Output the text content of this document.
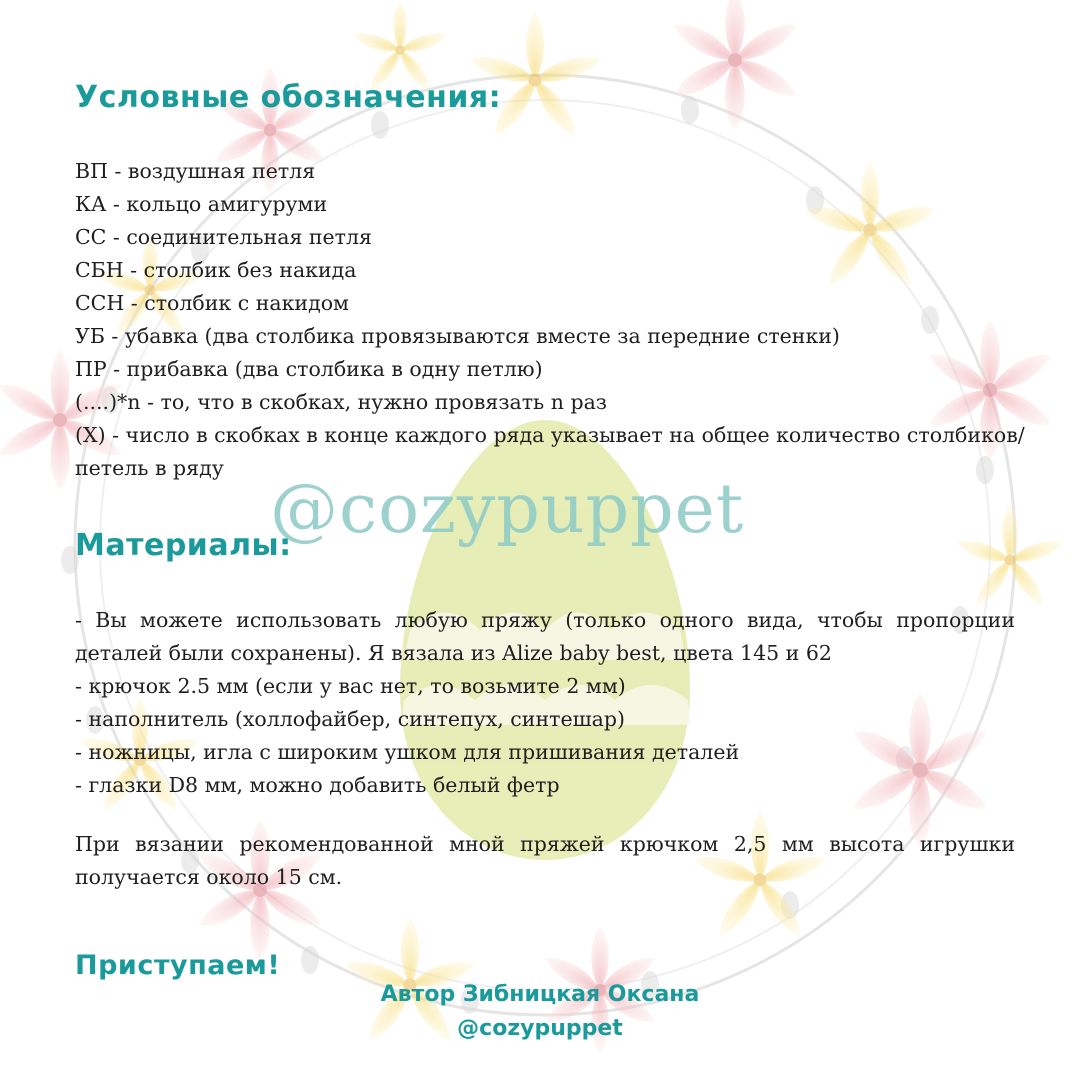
Условные обозначения:
ВП - воздушная петля
КА - кольцо амигуруми
СС - соединительная петля
СБН - столбик без накида
ССН - столбик с накидом
УБ - убавка (два столбика провязываются вместе за передние стенки)
ПР - прибавка (два столбика в одну петлю)
(....)*n - то, что в скобках, нужно провязать n раз
(X) - число в скобках в конце каждого ряда указывает на общее количество столбиков/ петель в ряду

@cozypuppet

Материалы:
- Вы можете использовать любую пряжу (только одного вида, чтобы пропорции деталей были сохранены). Я вязала из Alize baby best, цвета 145 и 62
- крючок 2.5 мм (если у вас нет, то возьмите 2 мм)
- наполнитель (холлофайбер, синтепух, синтешар)
- ножницы, игла с широким ушком для пришивания деталей
- глазки D8 мм, можно добавить белый фетр

При вязании рекомендованной мной пряжей крючком 2,5 мм высота игрушки получается около 15 см.

Приступаем!

Автор Зибницкая Оксана
@cozypuppet
